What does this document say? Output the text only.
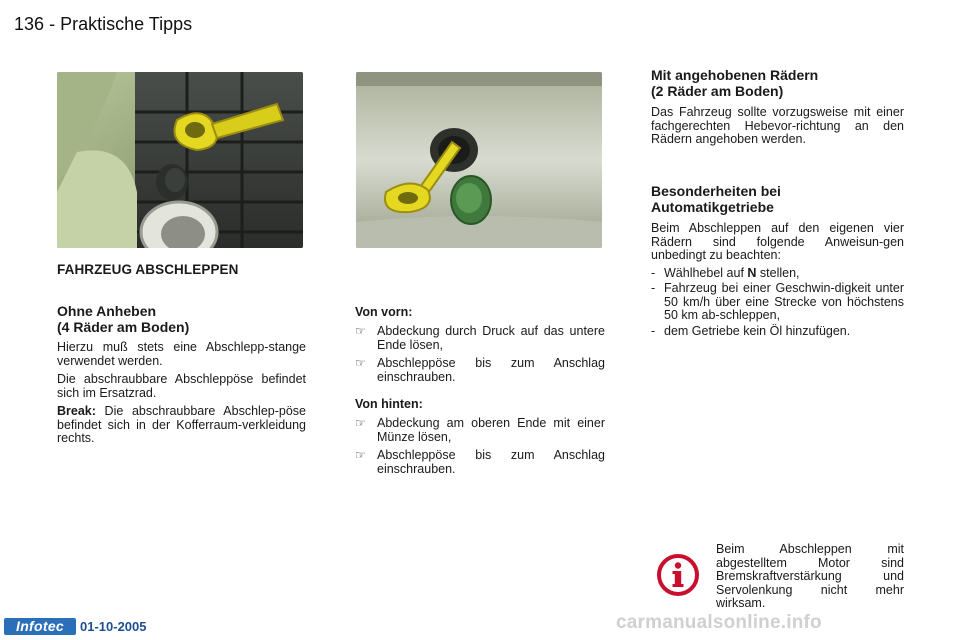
136 - Praktische Tipps
FAHRZEUG ABSCHLEPPEN
Ohne Anheben
(4 Räder am Boden)

Hierzu muß stets eine Abschlepp-stange verwendet werden.

Die abschraubbare Abschleppöse befindet sich im Ersatzrad.

Break: Die abschraubbare Abschlep-pöse befindet sich in der Kofferraum-verkleidung rechts.

Von vorn:

☞ Abdeckung durch Druck auf das untere Ende lösen,
☞ Abschleppöse bis zum Anschlag einschrauben.

Von hinten:

☞ Abdeckung am oberen Ende mit einer Münze lösen,
☞ Abschleppöse bis zum Anschlag einschrauben.
Mit angehobenen Rädern
(2 Räder am Boden)

Das Fahrzeug sollte vorzugsweise mit einer fachgerechten Hebevor-richtung an den Rädern angehoben werden.

Besonderheiten bei
Automatikgetriebe

Beim Abschleppen auf den eigenen vier Rädern sind folgende Anweisun-gen unbedingt zu beachten:

- Wählhebel auf N stellen,
- Fahrzeug bei einer Geschwin-digkeit unter 50 km/h über eine Strecke von höchstens 50 km ab-schleppen,
- dem Getriebe kein Öl hinzufügen.

Beim Abschleppen mit abgestelltem Motor sind Bremskraftverstärkung und Servolenkung nicht mehr wirksam.

Infotec	01-10-2005	carmanualsonline.info
